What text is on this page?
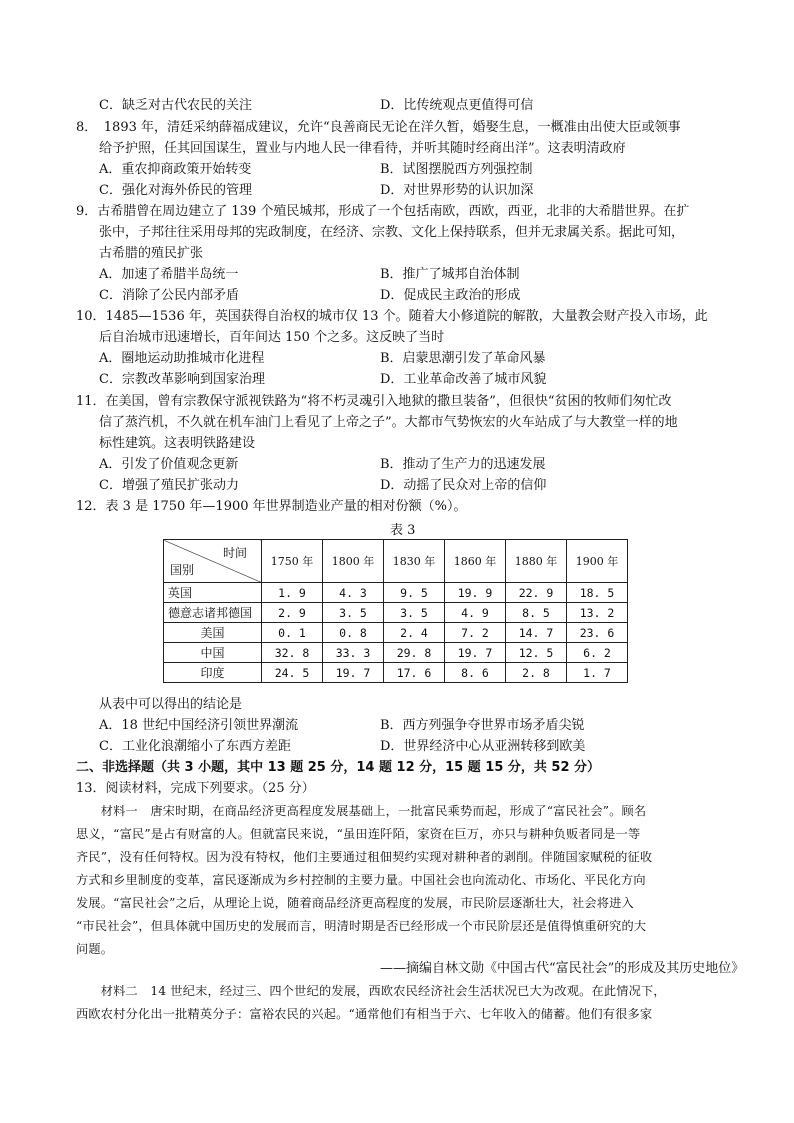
C．缺乏对古代农民的关注	D．比传统观点更值得可信
8．　1893 年，清廷采纳薛福成建议，允许“良善商民无论在洋久暂，婚娶生息，一概准由出使大臣或领事
给予护照，任其回国谋生，置业与内地人民一律看待，并听其随时经商出洋”。这表明清政府
A．重农抑商政策开始转变	B．试图摆脱西方列强控制
C．强化对海外侨民的管理	D．对世界形势的认识加深
9．古希腊曾在周边建立了 139 个殖民城邦，形成了一个包括南欧，西欧，西亚，北非的大希腊世界。在扩
张中，子邦往往采用母邦的宪政制度，在经济、宗教、文化上保持联系，但并无隶属关系。据此可知，
古希腊的殖民扩张
A．加速了希腊半岛统一	B．推广了城邦自治体制
C．消除了公民内部矛盾	D．促成民主政治的形成
10．1485—1536 年，英国获得自治权的城市仅 13 个。随着大小修道院的解散，大量教会财产投入市场，此
后自治城市迅速增长，百年间达 150 个之多。这反映了当时
A．圈地运动助推城市化进程	B．启蒙思潮引发了革命风暴
C．宗教改革影响到国家治理	D．工业革命改善了城市风貌
11．在美国，曾有宗教保守派视铁路为“将不朽灵魂引入地狱的撒旦装备”，但很快“贫困的牧师们匆忙改
信了蒸汽机，不久就在机车油门上看见了上帝之子”。大都市气势恢宏的火车站成了与大教堂一样的地
标性建筑。这表明铁路建设
A．引发了价值观念更新	B．推动了生产力的迅速发展
C．增强了殖民扩张动力	D．动摇了民众对上帝的信仰
12．表 3 是 1750 年—1900 年世界制造业产量的相对份额（%）。
表 3
时间
国别	1750 年	1800 年	1830 年	1860 年	1880 年	1900 年
英国	1. 9	4. 3	9. 5	19. 9	22. 9	18. 5
德意志诸邦德国	2. 9	3. 5	3. 5	4. 9	8. 5	13. 2
美国	0. 1	0. 8	2. 4	7. 2	14. 7	23. 6
中国	32. 8	33. 3	29. 8	19. 7	12. 5	6. 2
印度	24. 5	19. 7	17. 6	8. 6	2. 8	1. 7
从表中可以得出的结论是
A．18 世纪中国经济引领世界潮流	B．西方列强争夺世界市场矛盾尖锐
C．工业化浪潮缩小了东西方差距	D．世界经济中心从亚洲转移到欧美
二、非选择题（共 3 小题，其中 13 题 25 分，14 题 12 分，15 题 15 分，共 52 分）
13．阅读材料，完成下列要求。（25 分）
　　材料一　唐宋时期，在商品经济更高程度发展基础上，一批富民乘势而起，形成了“富民社会”。顾名
思义，“富民”是占有财富的人。但就富民来说，“虽田连阡陌，家资在巨万，亦只与耕种负贩者同是一等
齐民”，没有任何特权。因为没有特权，他们主要通过租佃契约实现对耕种者的剥削。伴随国家赋税的征收
方式和乡里制度的变革，富民逐渐成为乡村控制的主要力量。中国社会也向流动化、市场化、平民化方向
发展。“富民社会”之后，从理论上说，随着商品经济更高程度的发展，市民阶层逐渐壮大，社会将进入
“市民社会”，但具体就中国历史的发展而言，明清时期是否已经形成一个市民阶层还是值得慎重研究的大
问题。
——摘编自林文勋《中国古代“富民社会”的形成及其历史地位》
　　材料二　14 世纪末，经过三、四个世纪的发展，西欧农民经济社会生活状况已大为改观。在此情况下，
西欧农村分化出一批精英分子：富裕农民的兴起。“通常他们有相当于六、七年收入的储蓄。他们有很多家
